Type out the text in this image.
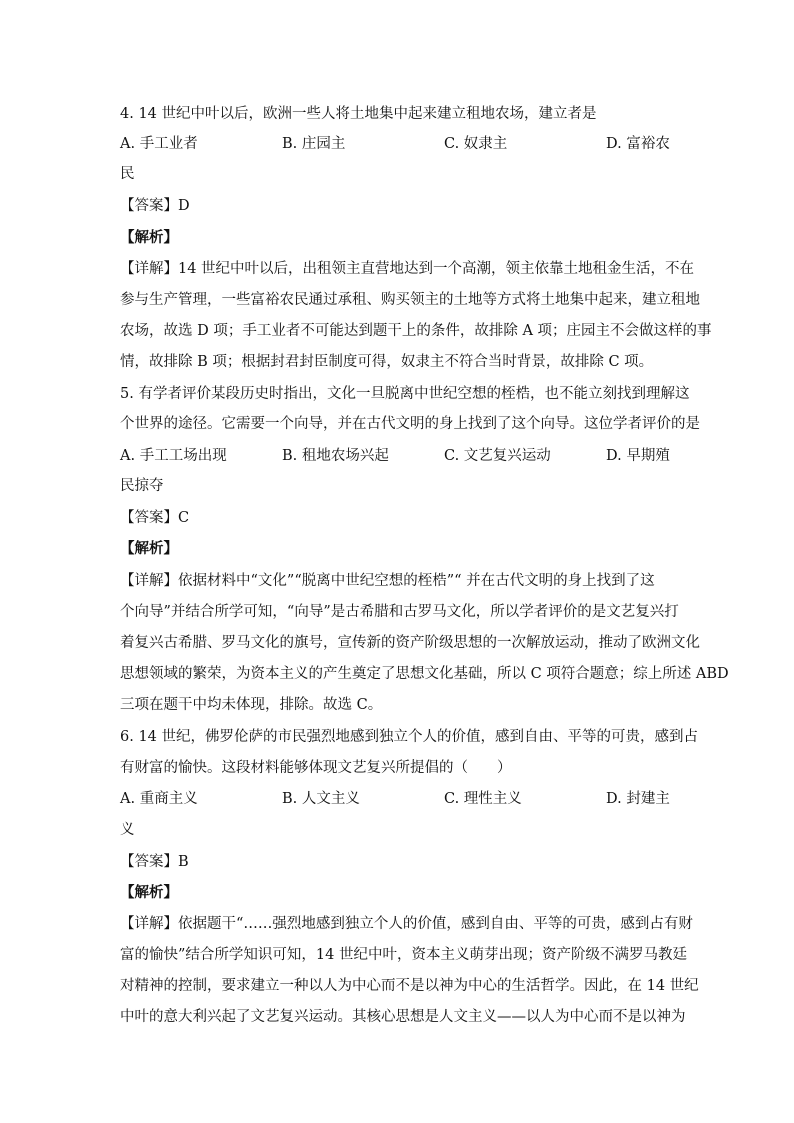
4. 14 世纪中叶以后，欧洲一些人将土地集中起来建立租地农场，建立者是
A. 手工业者	B. 庄园主	C. 奴隶主	D. 富裕农
民
【答案】D
【解析】
【详解】14 世纪中叶以后，出租领主直营地达到一个高潮，领主依靠土地租金生活，不在
参与生产管理，一些富裕农民通过承租、购买领主的土地等方式将土地集中起来，建立租地
农场，故选 D 项；手工业者不可能达到题干上的条件，故排除 A 项；庄园主不会做这样的事
情，故排除 B 项；根据封君封臣制度可得，奴隶主不符合当时背景，故排除 C 项。
5. 有学者评价某段历史时指出，文化一旦脱离中世纪空想的桎梏，也不能立刻找到理解这
个世界的途径。它需要一个向导，并在古代文明的身上找到了这个向导。这位学者评价的是
A. 手工工场出现	B. 租地农场兴起	C. 文艺复兴运动	D. 早期殖
民掠夺
【答案】C
【解析】
【详解】依据材料中“文化”“脱离中世纪空想的桎梏”“ 并在古代文明的身上找到了这
个向导”并结合所学可知，“向导”是古希腊和古罗马文化，所以学者评价的是文艺复兴打
着复兴古希腊、罗马文化的旗号，宣传新的资产阶级思想的一次解放运动，推动了欧洲文化
思想领域的繁荣，为资本主义的产生奠定了思想文化基础，所以 C 项符合题意；综上所述 ABD
三项在题干中均未体现，排除。故选 C。
6. 14 世纪，佛罗伦萨的市民强烈地感到独立个人的价值，感到自由、平等的可贵，感到占
有财富的愉快。这段材料能够体现文艺复兴所提倡的（　　）
A. 重商主义	B. 人文主义	C. 理性主义	D. 封建主
义
【答案】B
【解析】
【详解】依据题干“……强烈地感到独立个人的价值，感到自由、平等的可贵，感到占有财
富的愉快”结合所学知识可知，14 世纪中叶，资本主义萌芽出现；资产阶级不满罗马教廷
对精神的控制，要求建立一种以人为中心而不是以神为中心的生活哲学。因此，在 14 世纪
中叶的意大利兴起了文艺复兴运动。其核心思想是人文主义——以人为中心而不是以神为
